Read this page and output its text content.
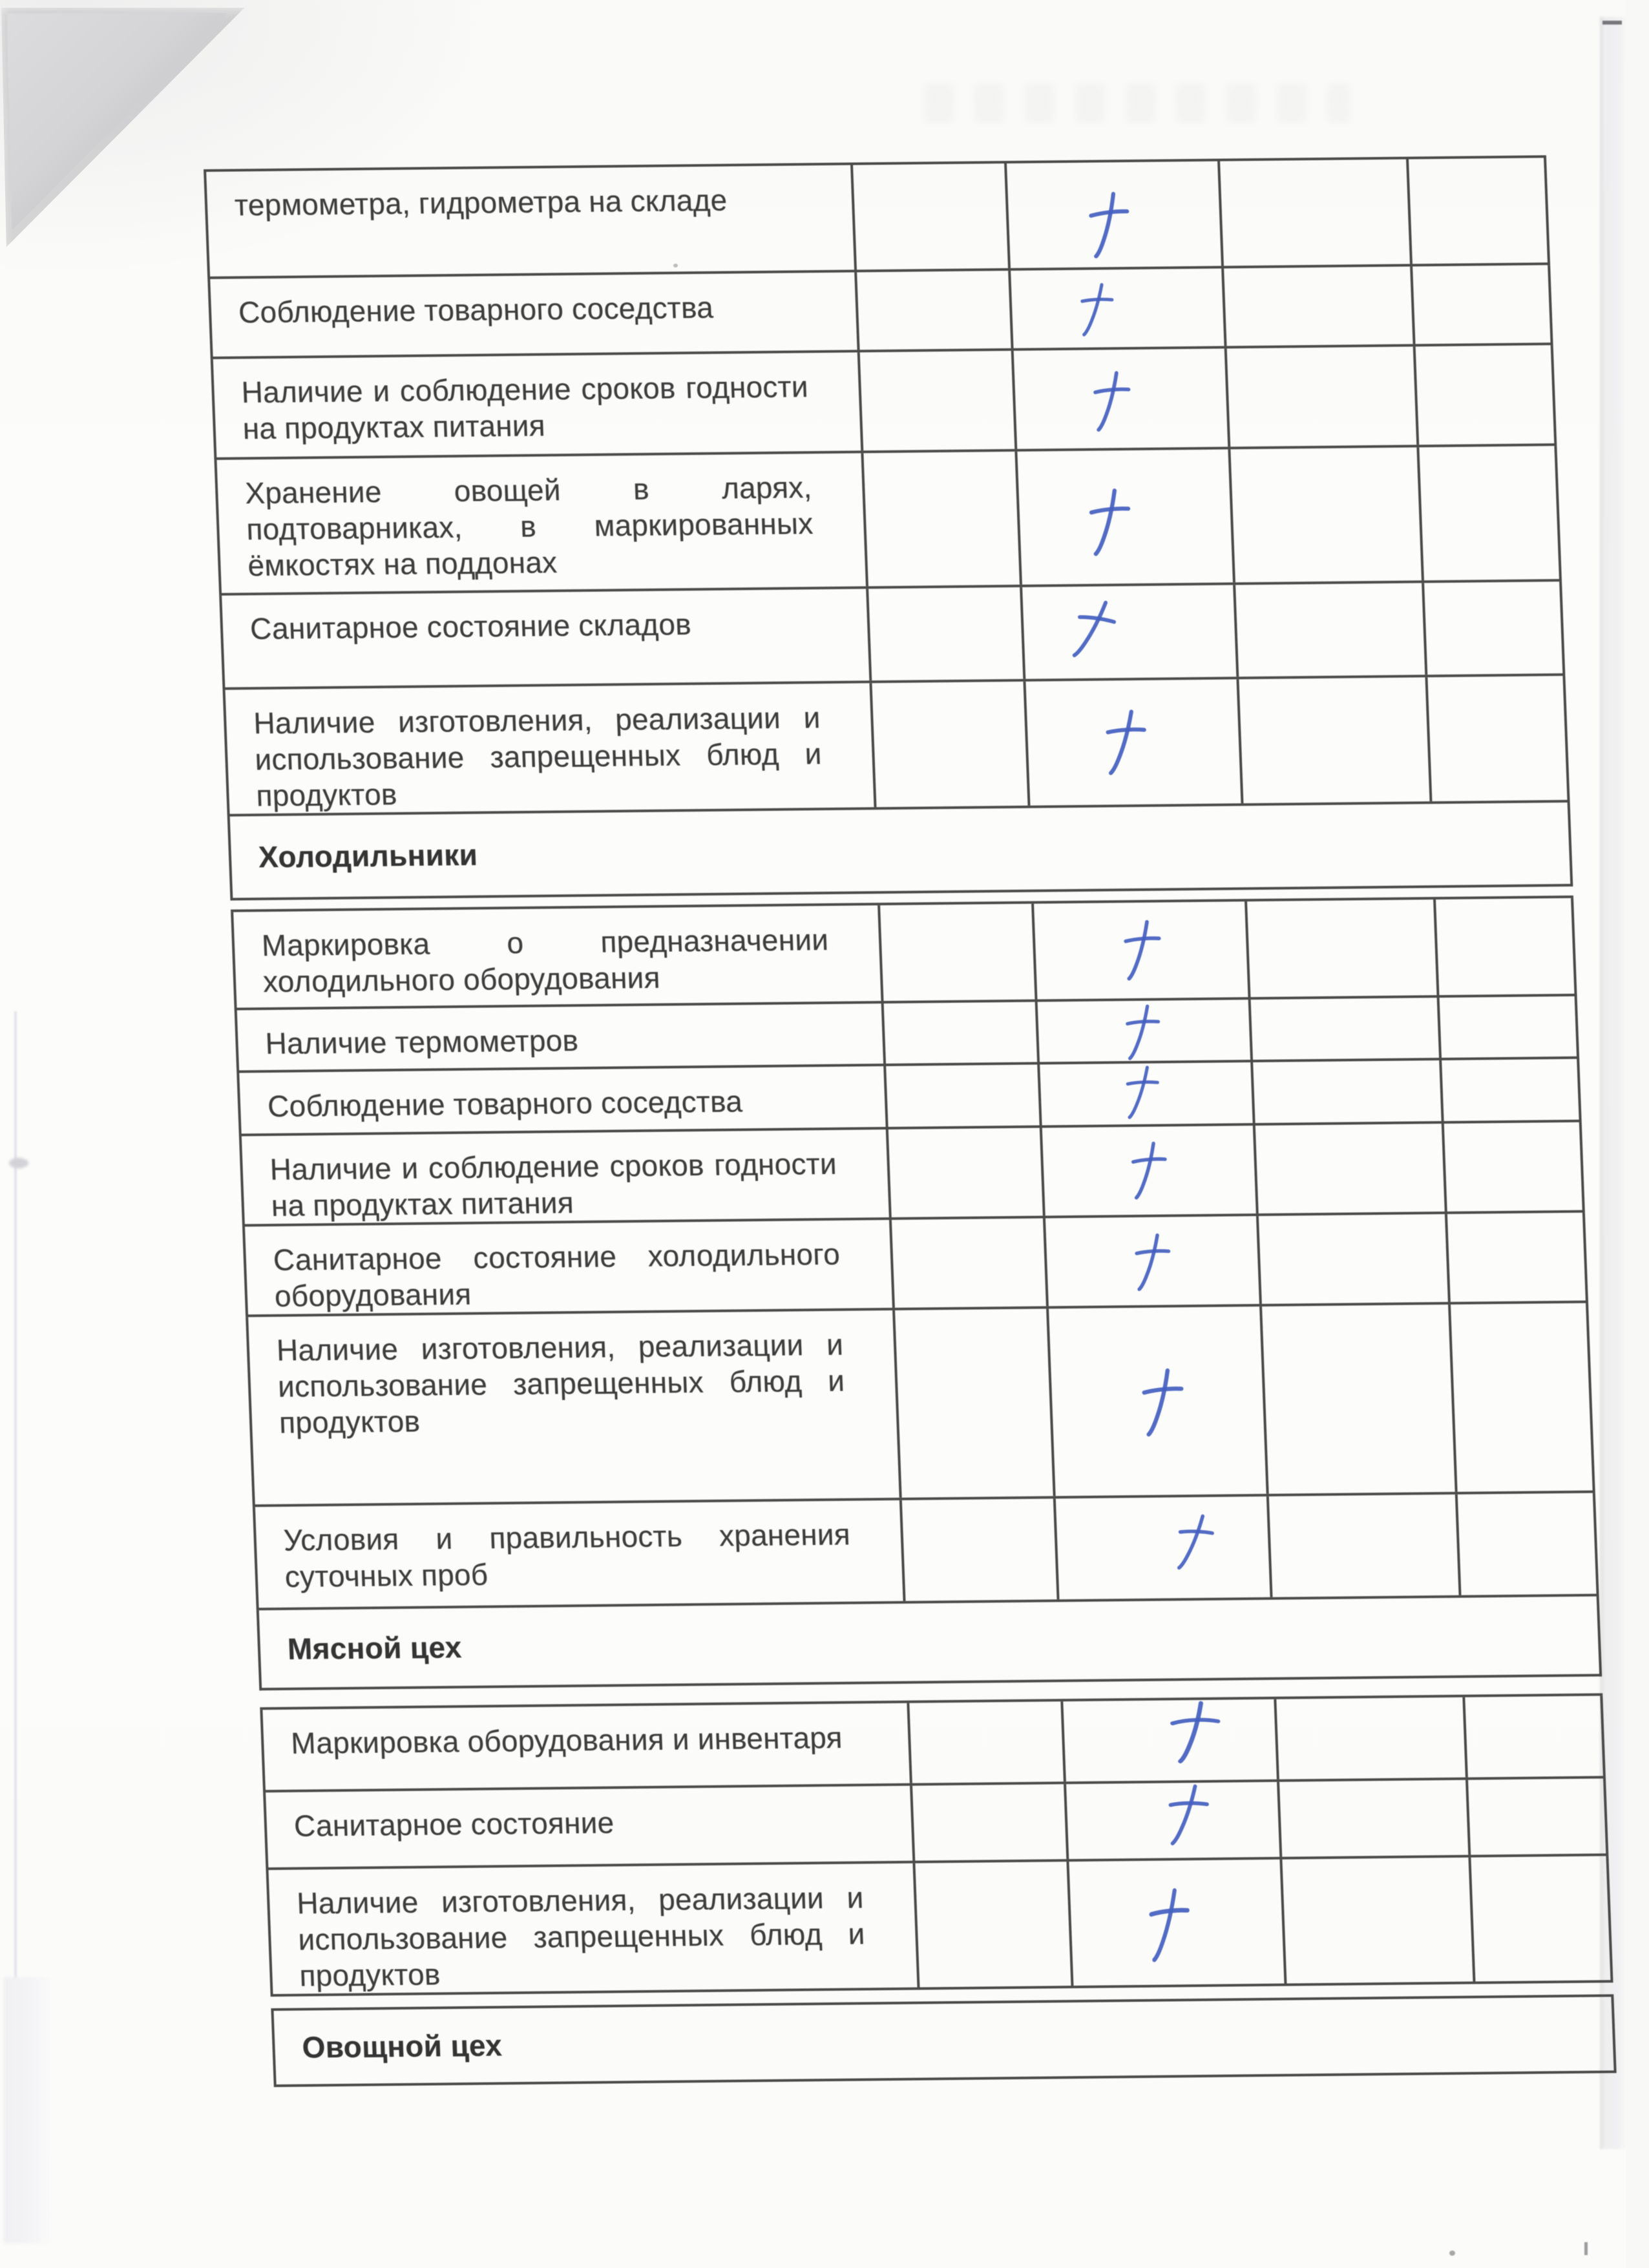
термометра, гидрометра на складе
Соблюдение товарного соседства
Наличие и соблюдение сроков годности на продуктах питания
Хранение овощей в ларях, подтоварниках, в маркированных ёмкостях на поддонах
Санитарное состояние складов
Наличие изготовления, реализации и использование запрещенных блюд и продуктов
Холодильники
Маркировка о предназначении холодильного оборудования
Наличие термометров
Соблюдение товарного соседства
Наличие и соблюдение сроков годности на продуктах питания
Санитарное состояние холодильного оборудования
Наличие изготовления, реализации и использование запрещенных блюд и продуктов
Условия и правильность хранения суточных проб
Мясной цех
Маркировка оборудования и инвентаря
Санитарное состояние
Наличие изготовления, реализации и использование запрещенных блюд и продуктов
Овощной цех
